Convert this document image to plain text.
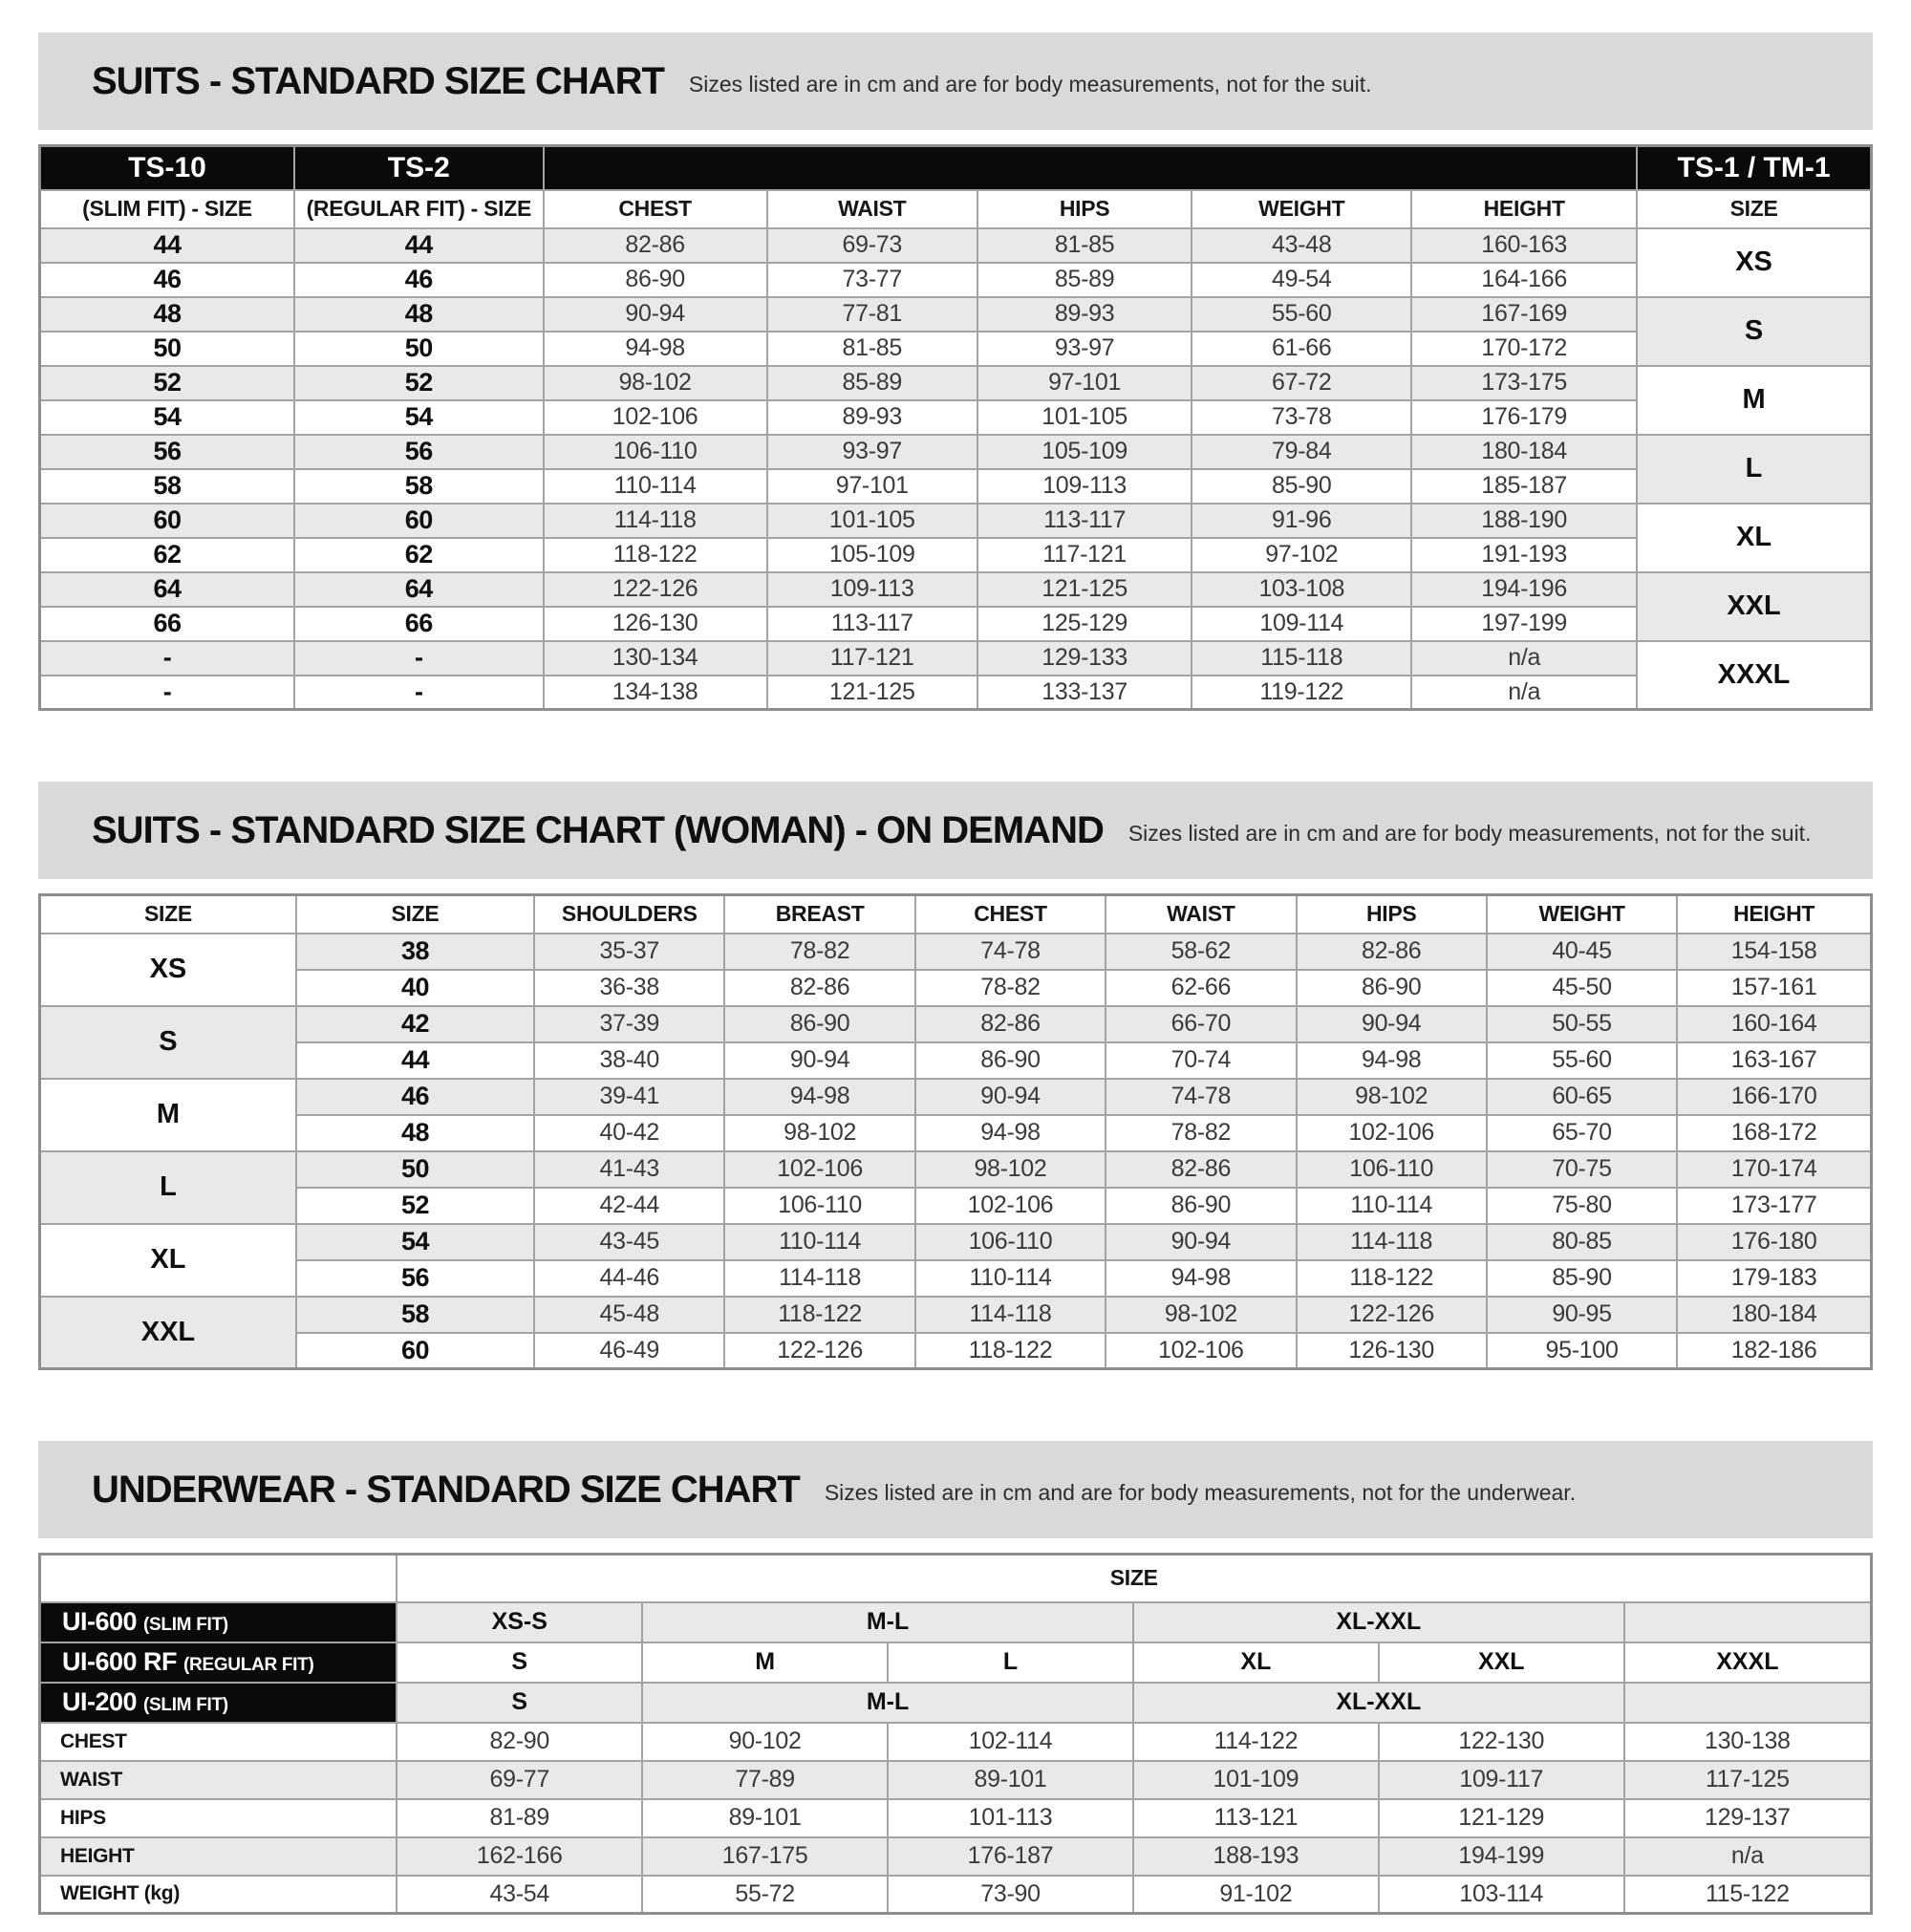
SUITS - STANDARD SIZE CHART Sizes listed are in cm and are for body measurements, not for the suit.

TS-10	TS-2						TS-1 / TM-1
(SLIM FIT) - SIZE	(REGULAR FIT) - SIZE	CHEST	WAIST	HIPS	WEIGHT	HEIGHT	SIZE
44	44	82-86	69-73	81-85	43-48	160-163	XS
46	46	86-90	73-77	85-89	49-54	164-166	
48	48	90-94	77-81	89-93	55-60	167-169	S
50	50	94-98	81-85	93-97	61-66	170-172	
52	52	98-102	85-89	97-101	67-72	173-175	M
54	54	102-106	89-93	101-105	73-78	176-179	
56	56	106-110	93-97	105-109	79-84	180-184	L
58	58	110-114	97-101	109-113	85-90	185-187	
60	60	114-118	101-105	113-117	91-96	188-190	XL
62	62	118-122	105-109	117-121	97-102	191-193	
64	64	122-126	109-113	121-125	103-108	194-196	XXL
66	66	126-130	113-117	125-129	109-114	197-199	
-	-	130-134	117-121	129-133	115-118	n/a	XXXL
-	-	134-138	121-125	133-137	119-122	n/a	
SUITS - STANDARD SIZE CHART (WOMAN) - ON DEMAND Sizes listed are in cm and are for body measurements, not for the suit.

SIZE	SIZE	SHOULDERS	BREAST	CHEST	WAIST	HIPS	WEIGHT	HEIGHT
XS	38	35-37	78-82	74-78	58-62	82-86	40-45	154-158
	40	36-38	82-86	78-82	62-66	86-90	45-50	157-161
S	42	37-39	86-90	82-86	66-70	90-94	50-55	160-164
	44	38-40	90-94	86-90	70-74	94-98	55-60	163-167
M	46	39-41	94-98	90-94	74-78	98-102	60-65	166-170
	48	40-42	98-102	94-98	78-82	102-106	65-70	168-172
L	50	41-43	102-106	98-102	82-86	106-110	70-75	170-174
	52	42-44	106-110	102-106	86-90	110-114	75-80	173-177
XL	54	43-45	110-114	106-110	90-94	114-118	80-85	176-180
	56	44-46	114-118	110-114	94-98	118-122	85-90	179-183
XXL	58	45-48	118-122	114-118	98-102	122-126	90-95	180-184
	60	46-49	122-126	118-122	102-106	126-130	95-100	182-186
UNDERWEAR - STANDARD SIZE CHART Sizes listed are in cm and are for body measurements, not for the underwear.

	SIZE					
UI-600 (SLIM FIT)	XS-S	M-L		XL-XXL		
UI-600 RF (REGULAR FIT)	S	M	L	XL	XXL	XXXL
UI-200 (SLIM FIT)	S	M-L		XL-XXL		
CHEST	82-90	90-102	102-114	114-122	122-130	130-138
WAIST	69-77	77-89	89-101	101-109	109-117	117-125
HIPS	81-89	89-101	101-113	113-121	121-129	129-137
HEIGHT	162-166	167-175	176-187	188-193	194-199	n/a
WEIGHT (kg)	43-54	55-72	73-90	91-102	103-114	115-122
